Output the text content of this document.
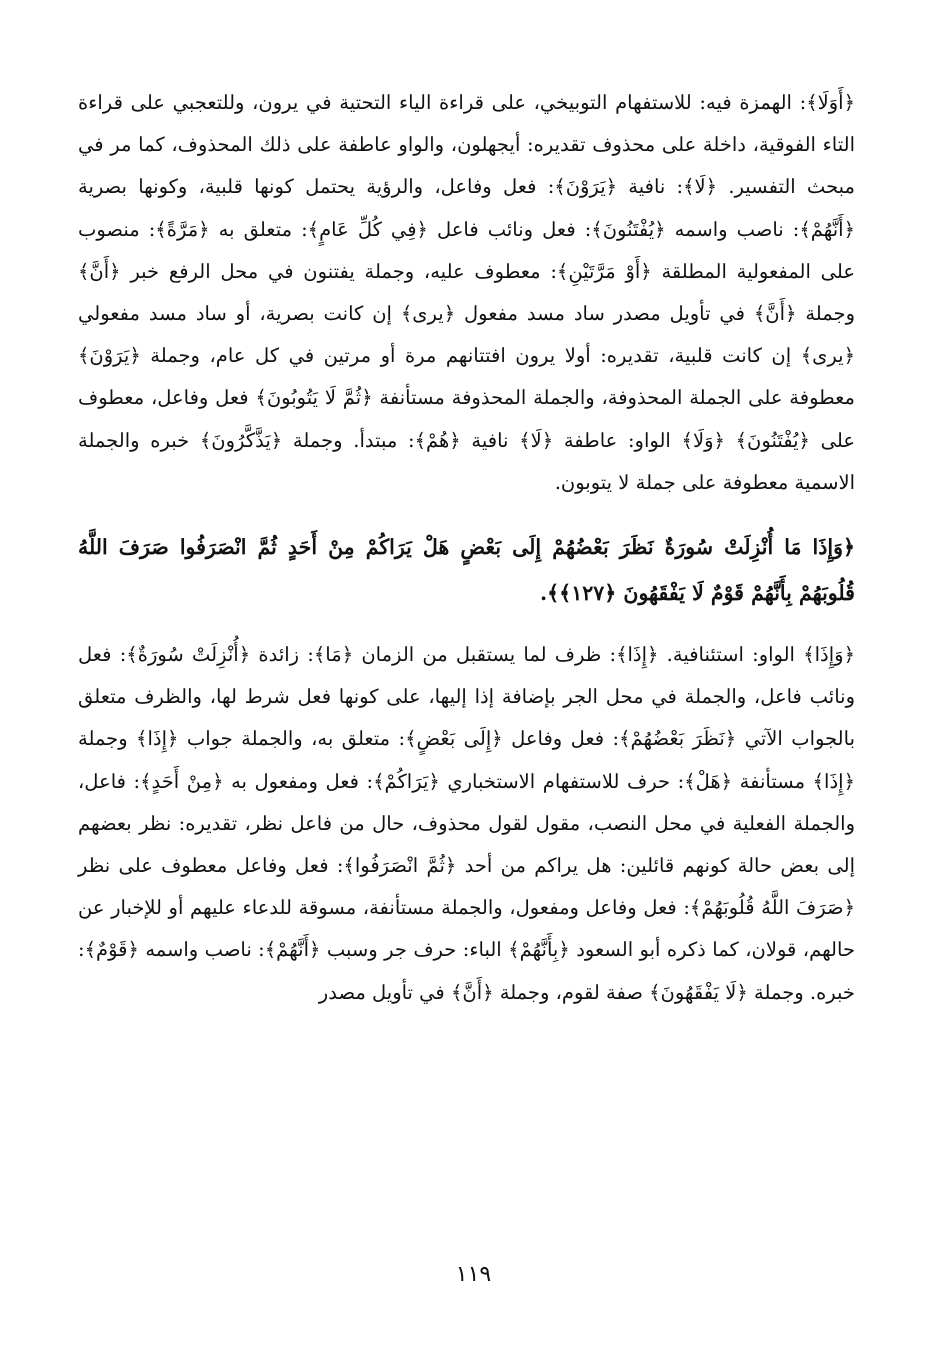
﴿أَوَلَا﴾: الهمزة فيه: للاستفهام التوبيخي، على قراءة الياء التحتية في يرون، وللتعجبي على قراءة التاء الفوقية، داخلة على محذوف تقديره: أيجهلون، والواو عاطفة على ذلك المحذوف، كما مر في مبحث التفسير. ﴿لَا﴾: نافية ﴿يَرَوْنَ﴾: فعل وفاعل، والرؤية يحتمل كونها قلبية، وكونها بصرية ﴿أَنَّهُمْ﴾: ناصب واسمه ﴿يُفْتَنُونَ﴾: فعل ونائب فاعل ﴿فِي كُلِّ عَامٍ﴾: متعلق به ﴿مَرَّةً﴾: منصوب على المفعولية المطلقة ﴿أَوْ مَرَّتَيْنِ﴾: معطوف عليه، وجملة يفتنون في محل الرفع خبر ﴿أَنَّ﴾ وجملة ﴿أَنَّ﴾ في تأويل مصدر ساد مسد مفعول ﴿يرى﴾ إن كانت بصرية، أو ساد مسد مفعولي ﴿يرى﴾ إن كانت قلبية، تقديره: أولا يرون افتتانهم مرة أو مرتين في كل عام، وجملة ﴿يَرَوْنَ﴾ معطوفة على الجملة المحذوفة، والجملة المحذوفة مستأنفة ﴿ثُمَّ لَا يَتُوبُونَ﴾ فعل وفاعل، معطوف على ﴿يُفْتَنُونَ﴾ ﴿وَلَا﴾ الواو: عاطفة ﴿لَا﴾ نافية ﴿هُمْ﴾: مبتدأ. وجملة ﴿يَذَّكَّرُونَ﴾ خبره والجملة الاسمية معطوفة على جملة لا يتوبون.

﴿وَإِذَا مَا أُنْزِلَتْ سُورَةٌ نَظَرَ بَعْضُهُمْ إِلَى بَعْضٍ هَلْ يَرَاكُمْ مِنْ أَحَدٍ ثُمَّ انْصَرَفُوا صَرَفَ اللَّهُ قُلُوبَهُمْ بِأَنَّهُمْ قَوْمٌ لَا يَفْقَهُونَ ﴿١٢٧﴾﴾.

﴿وَإِذَا﴾ الواو: استئنافية. ﴿إِذَا﴾: ظرف لما يستقبل من الزمان ﴿مَا﴾: زائدة ﴿أُنْزِلَتْ سُورَةٌ﴾: فعل ونائب فاعل، والجملة في محل الجر بإضافة إذا إليها، على كونها فعل شرط لها، والظرف متعلق بالجواب الآتي ﴿نَظَرَ بَعْضُهُمْ﴾: فعل وفاعل ﴿إِلَى بَعْضٍ﴾: متعلق به، والجملة جواب ﴿إِذَا﴾ وجملة ﴿إِذَا﴾ مستأنفة ﴿هَلْ﴾: حرف للاستفهام الاستخباري ﴿يَرَاكُمْ﴾: فعل ومفعول به ﴿مِنْ أَحَدٍ﴾: فاعل، والجملة الفعلية في محل النصب، مقول لقول محذوف، حال من فاعل نظر، تقديره: نظر بعضهم إلى بعض حالة كونهم قائلين: هل يراكم من أحد ﴿ثُمَّ انْصَرَفُوا﴾: فعل وفاعل معطوف على نظر ﴿صَرَفَ اللَّهُ قُلُوبَهُمْ﴾: فعل وفاعل ومفعول، والجملة مستأنفة، مسوقة للدعاء عليهم أو للإخبار عن حالهم، قولان، كما ذكره أبو السعود ﴿بِأَنَّهُمْ﴾ الباء: حرف جر وسبب ﴿أَنَّهُمْ﴾: ناصب واسمه ﴿قَوْمٌ﴾: خبره. وجملة ﴿لَا يَفْقَهُونَ﴾ صفة لقوم، وجملة ﴿أَنَّ﴾ في تأويل مصدر

١١٩
